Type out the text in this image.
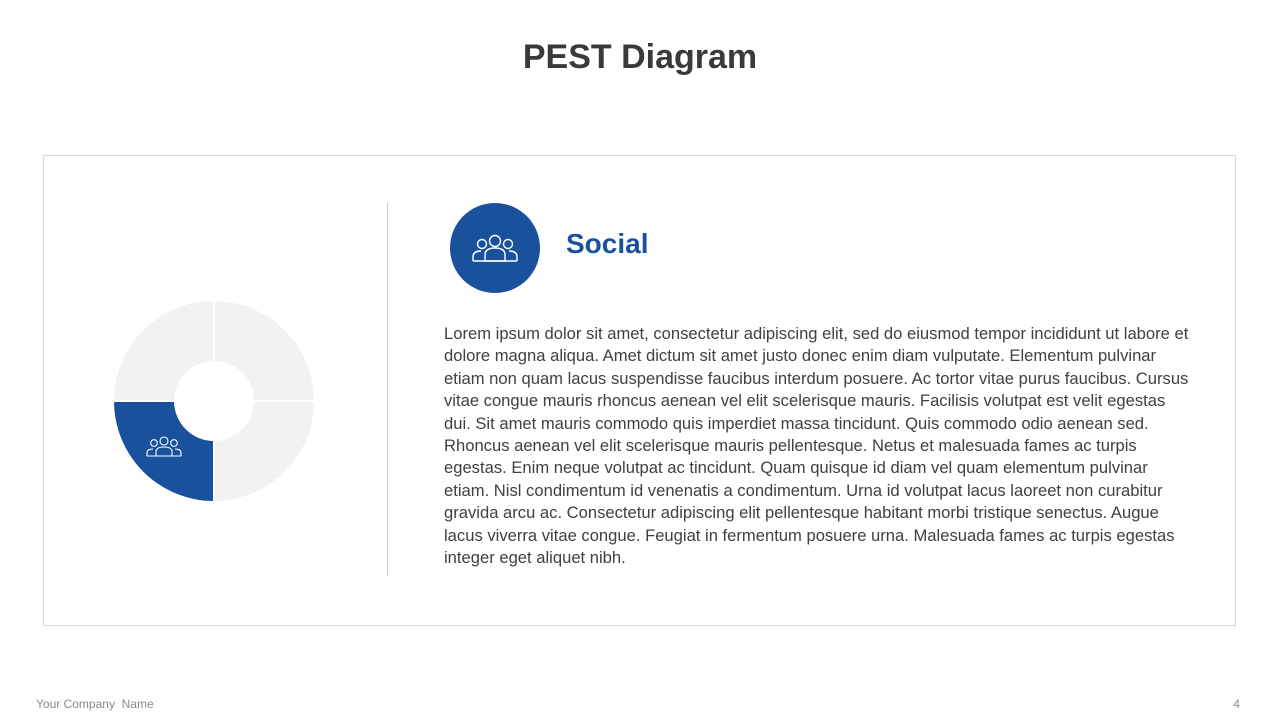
PEST Diagram
Social

Lorem ipsum dolor sit amet, consectetur adipiscing elit, sed do eiusmod tempor incididunt ut labore et dolore magna aliqua. Amet dictum sit amet justo donec enim diam vulputate. Elementum pulvinar etiam non quam lacus suspendisse faucibus interdum posuere. Ac tortor vitae purus faucibus. Cursus vitae congue mauris rhoncus aenean vel elit scelerisque mauris. Facilisis volutpat est velit egestas dui. Sit amet mauris commodo quis imperdiet massa tincidunt. Quis commodo odio aenean sed. Rhoncus aenean vel elit scelerisque mauris pellentesque. Netus et malesuada fames ac turpis egestas. Enim neque volutpat ac tincidunt. Quam quisque id diam vel quam elementum pulvinar etiam. Nisl condimentum id venenatis a condimentum. Urna id volutpat lacus laoreet non curabitur gravida arcu ac. Consectetur adipiscing elit pellentesque habitant morbi tristique senectus. Augue lacus viverra vitae congue. Feugiat in fermentum posuere urna. Malesuada fames ac turpis egestas integer eget aliquet nibh.

Your Company  Name	4
